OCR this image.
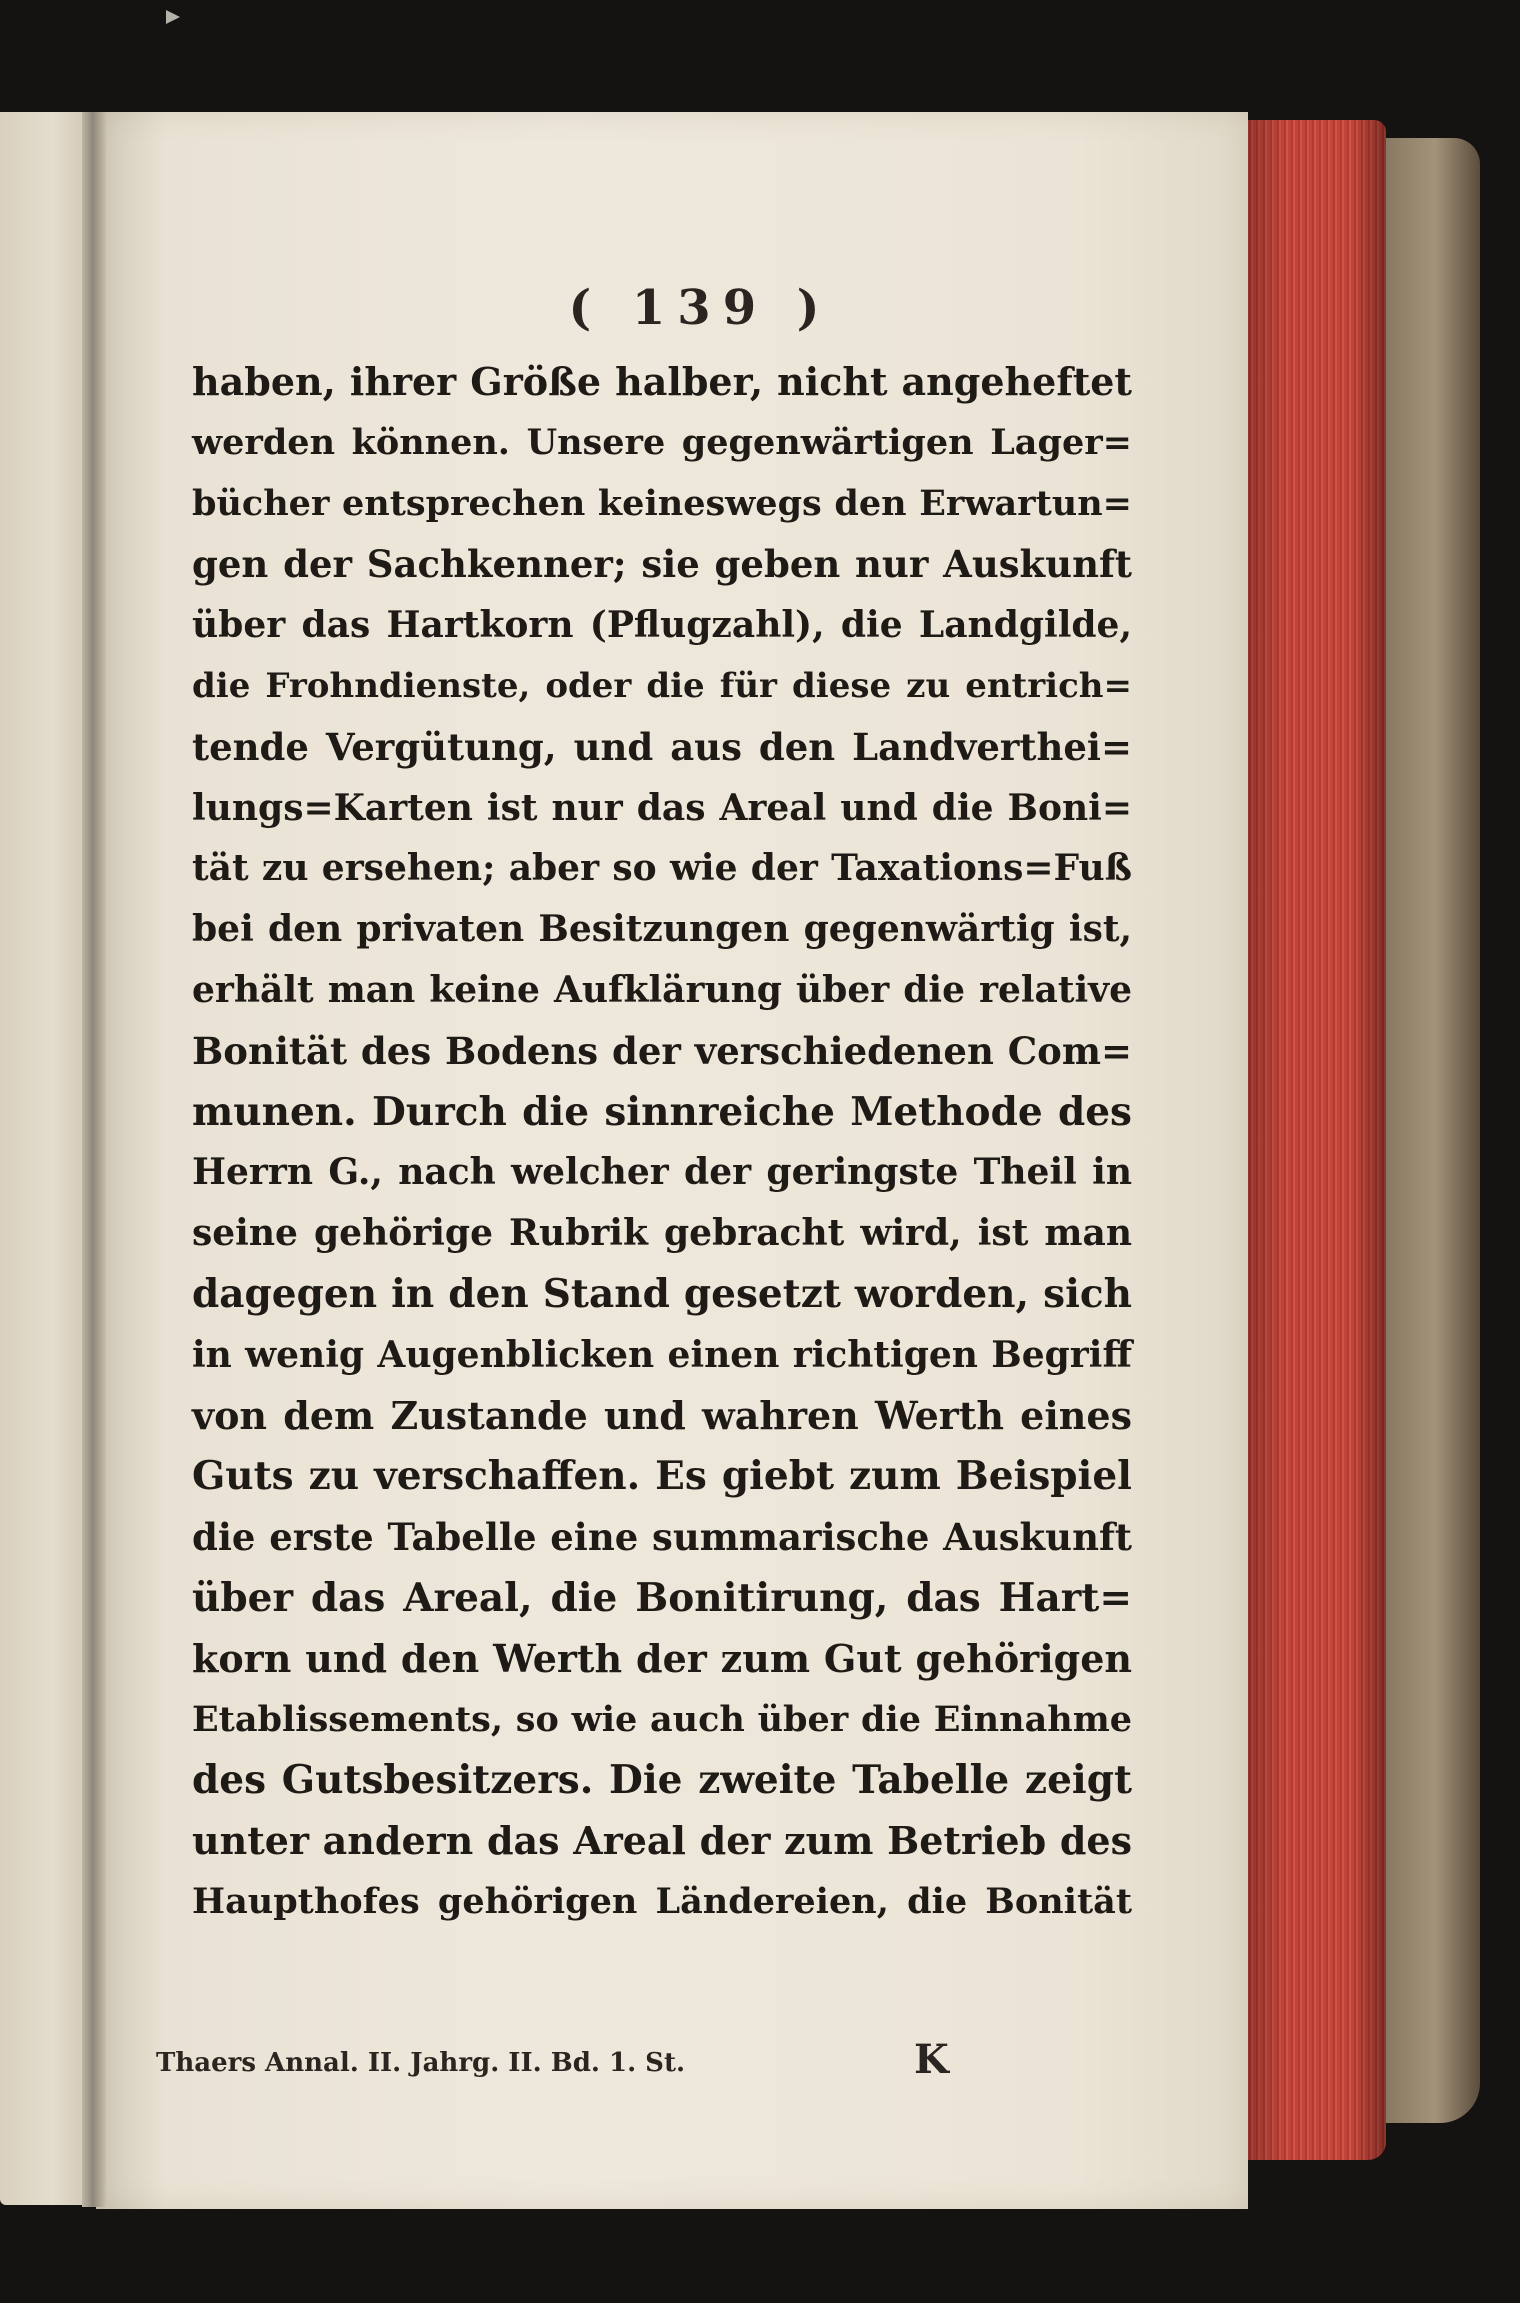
( 139 )
haben, ihrer Größe halber, nicht angeheftet
werden können. Unsere gegenwärtigen Lager=
bücher entsprechen keineswegs den Erwartun=
gen der Sachkenner; sie geben nur Auskunft
über das Hartkorn (Pflugzahl), die Landgilde,
die Frohndienste, oder die für diese zu entrich=
tende Vergütung, und aus den Landverthei=
lungs=Karten ist nur das Areal und die Boni=
tät zu ersehen; aber so wie der Taxations=Fuß
bei den privaten Besitzungen gegenwärtig ist,
erhält man keine Aufklärung über die relative
Bonität des Bodens der verschiedenen Com=
munen. Durch die sinnreiche Methode des
Herrn G., nach welcher der geringste Theil in
seine gehörige Rubrik gebracht wird, ist man
dagegen in den Stand gesetzt worden, sich
in wenig Augenblicken einen richtigen Begriff
von dem Zustande und wahren Werth eines
Guts zu verschaffen. Es giebt zum Beispiel
die erste Tabelle eine summarische Auskunft
über das Areal, die Bonitirung, das Hart=
korn und den Werth der zum Gut gehörigen
Etablissements, so wie auch über die Einnahme
des Gutsbesitzers. Die zweite Tabelle zeigt
unter andern das Areal der zum Betrieb des
Haupthofes gehörigen Ländereien, die Bonität
Thaers Annal. II. Jahrg. II. Bd. 1. St.	K
